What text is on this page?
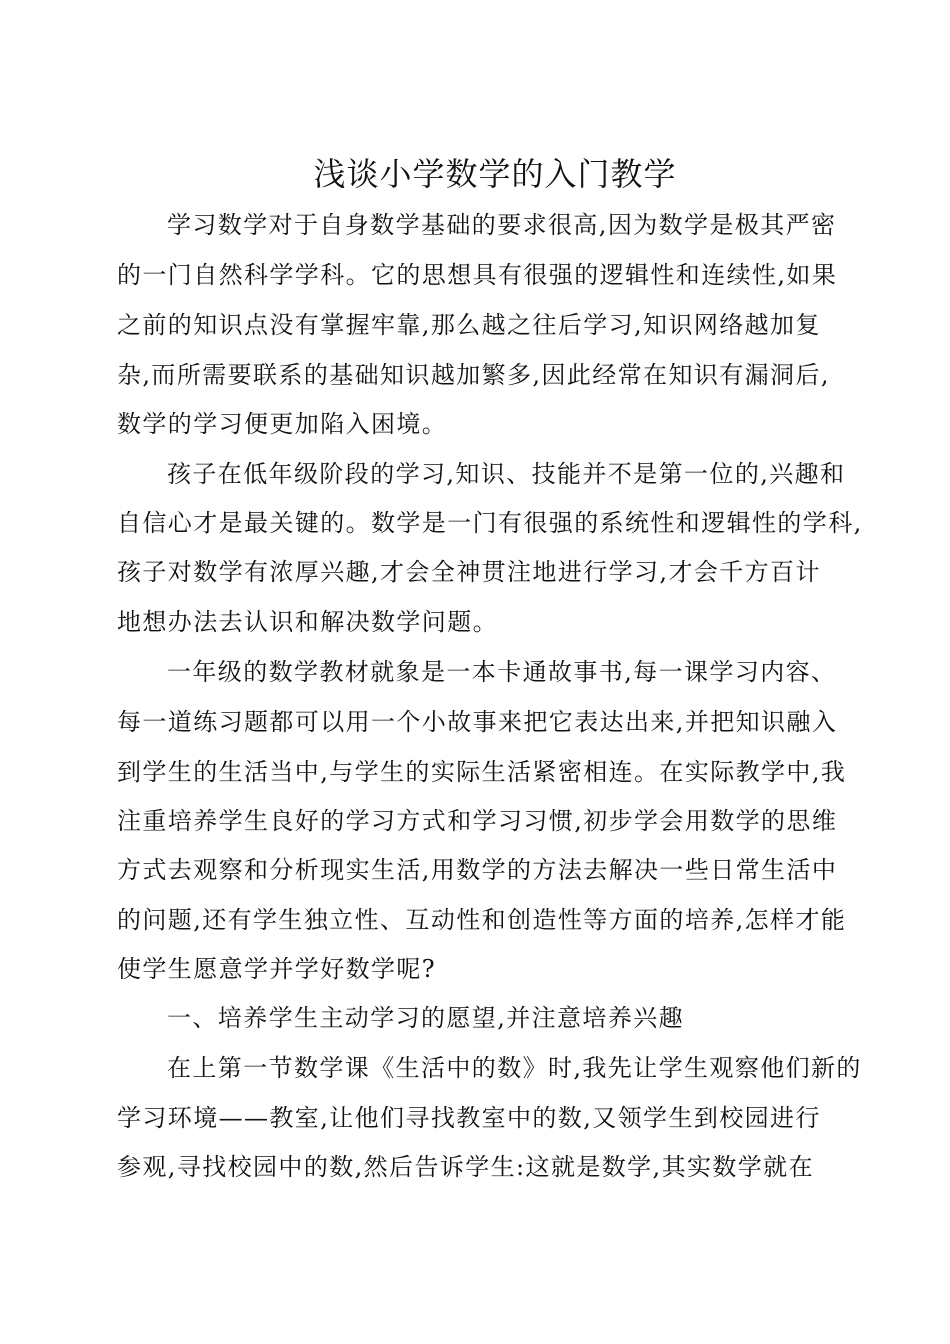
浅谈小学数学的入门教学
学习数学对于自身数学基础的要求很高,因为数学是极其严密
的一门自然科学学科。它的思想具有很强的逻辑性和连续性,如果
之前的知识点没有掌握牢靠,那么越之往后学习,知识网络越加复
杂,而所需要联系的基础知识越加繁多,因此经常在知识有漏洞后,
数学的学习便更加陷入困境。
孩子在低年级阶段的学习,知识、技能并不是第一位的,兴趣和
自信心才是最关键的。数学是一门有很强的系统性和逻辑性的学科,
孩子对数学有浓厚兴趣,才会全神贯注地进行学习,才会千方百计
地想办法去认识和解决数学问题。
一年级的数学教材就象是一本卡通故事书,每一课学习内容、
每一道练习题都可以用一个小故事来把它表达出来,并把知识融入
到学生的生活当中,与学生的实际生活紧密相连。在实际教学中,我
注重培养学生良好的学习方式和学习习惯,初步学会用数学的思维
方式去观察和分析现实生活,用数学的方法去解决一些日常生活中
的问题,还有学生独立性、互动性和创造性等方面的培养,怎样才能
使学生愿意学并学好数学呢?
一、培养学生主动学习的愿望,并注意培养兴趣
在上第一节数学课《生活中的数》时,我先让学生观察他们新的
学习环境——教室,让他们寻找教室中的数,又领学生到校园进行
参观,寻找校园中的数,然后告诉学生:这就是数学,其实数学就在
